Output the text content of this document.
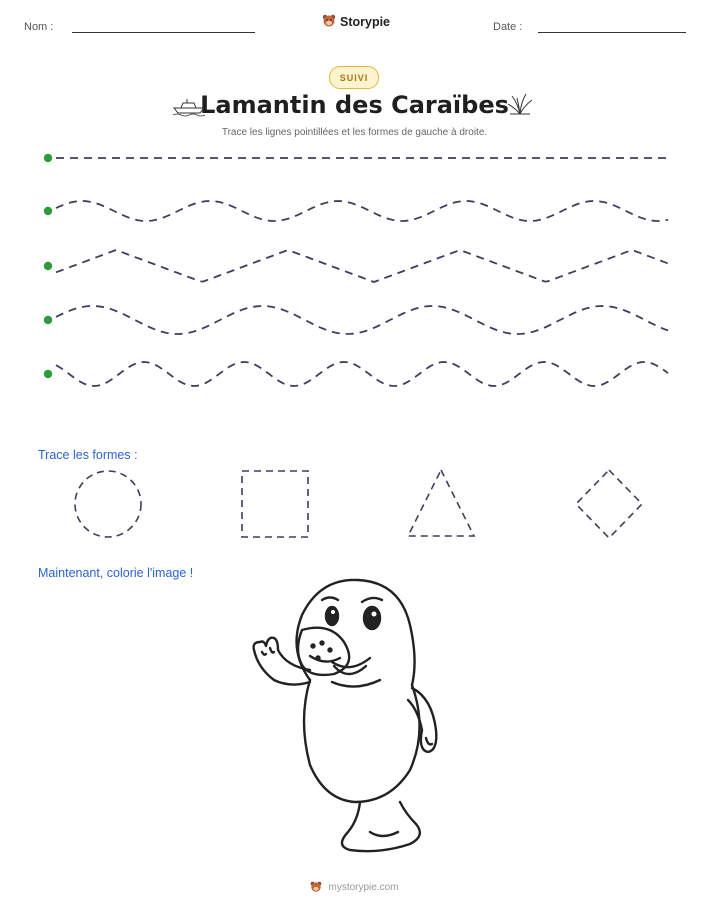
Nom :	Storypie	Date :
SUIVI
Lamantin des Caraïbes
Trace les lignes pointillées et les formes de gauche à droite.
Trace les formes :
Maintenant, colorie l'image !
mystorypie.com
